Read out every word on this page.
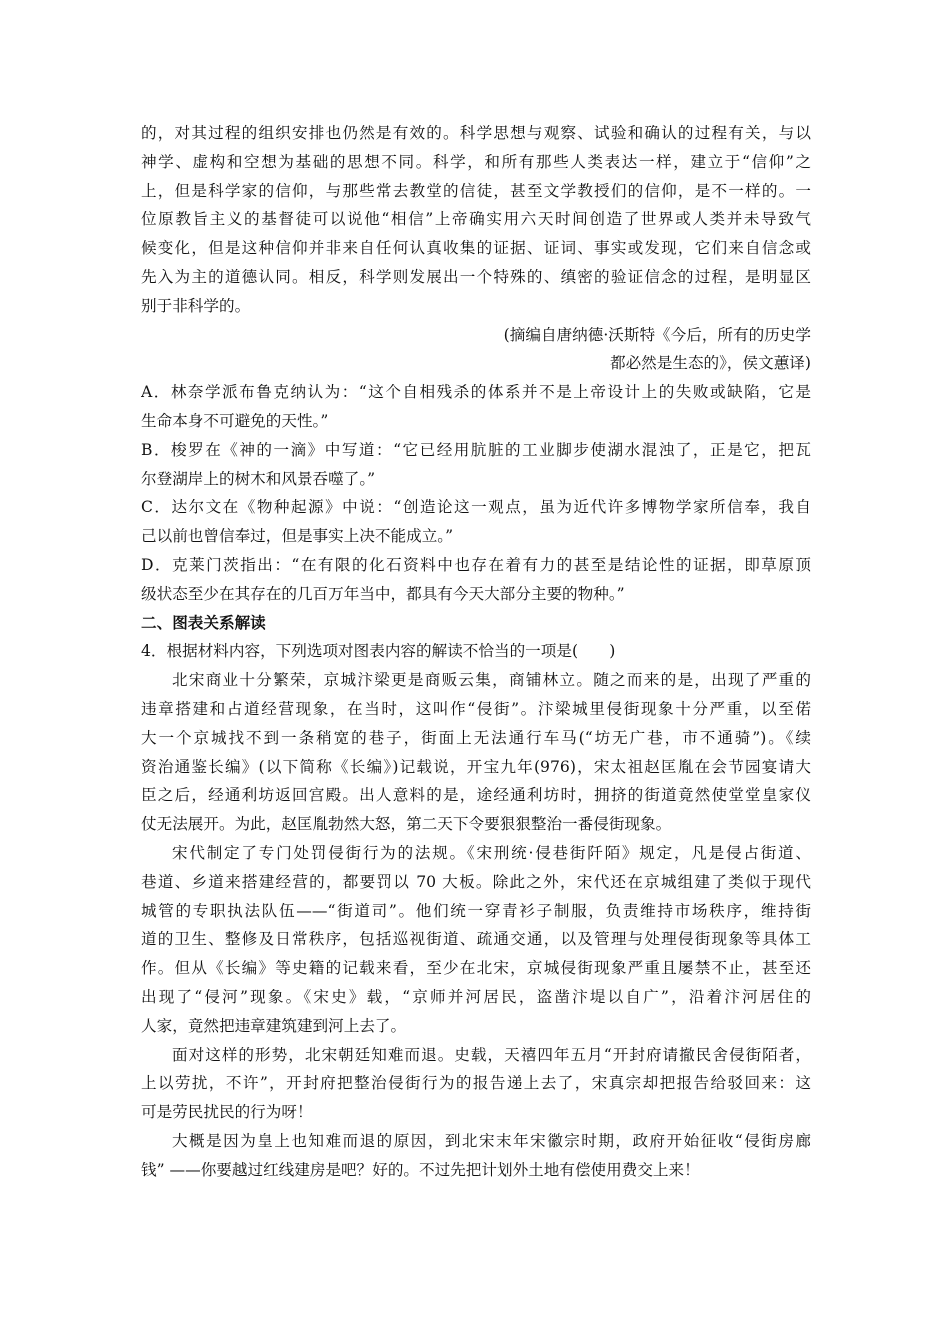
的，对其过程的组织安排也仍然是有效的。科学思想与观察、试验和确认的过程有关，与以
神学、虚构和空想为基础的思想不同。科学，和所有那些人类表达一样，建立于“信仰”之
上，但是科学家的信仰，与那些常去教堂的信徒，甚至文学教授们的信仰，是不一样的。一
位原教旨主义的基督徒可以说他“相信”上帝确实用六天时间创造了世界或人类并未导致气
候变化，但是这种信仰并非来自任何认真收集的证据、证词、事实或发现，它们来自信念或
先入为主的道德认同。相反，科学则发展出一个特殊的、缜密的验证信念的过程，是明显区
别于非科学的。
(摘编自唐纳德·沃斯特《今后，所有的历史学
都必然是生态的》，侯文蕙译)
A．林奈学派布鲁克纳认为：“这个自相残杀的体系并不是上帝设计上的失败或缺陷，它是
生命本身不可避免的天性。”
B．梭罗在《神的一滴》中写道：“它已经用肮脏的工业脚步使湖水混浊了，正是它，把瓦
尔登湖岸上的树木和风景吞噬了。”
C．达尔文在《物种起源》中说：“创造论这一观点，虽为近代许多博物学家所信奉，我自
己以前也曾信奉过，但是事实上决不能成立。”
D．克莱门茨指出：“在有限的化石资料中也存在着有力的甚至是结论性的证据，即草原顶
级状态至少在其存在的几百万年当中，都具有今天大部分主要的物种。”
二、图表关系解读
4．根据材料内容，下列选项对图表内容的解读不恰当的一项是(　　)
北宋商业十分繁荣，京城汴梁更是商贩云集，商铺林立。随之而来的是，出现了严重的
违章搭建和占道经营现象，在当时，这叫作“侵街”。汴梁城里侵街现象十分严重，以至偌
大一个京城找不到一条稍宽的巷子，街面上无法通行车马(“坊无广巷，市不通骑”)。《续
资治通鉴长编》(以下简称《长编》)记载说，开宝九年(976)，宋太祖赵匡胤在会节园宴请大
臣之后，经通利坊返回宫殿。出人意料的是，途经通利坊时，拥挤的街道竟然使堂堂皇家仪
仗无法展开。为此，赵匡胤勃然大怒，第二天下令要狠狠整治一番侵街现象。
宋代制定了专门处罚侵街行为的法规。《宋刑统·侵巷街阡陌》规定，凡是侵占街道、
巷道、乡道来搭建经营的，都要罚以 70 大板。除此之外，宋代还在京城组建了类似于现代
城管的专职执法队伍——“街道司”。他们统一穿青衫子制服，负责维持市场秩序，维持街
道的卫生、整修及日常秩序，包括巡视街道、疏通交通，以及管理与处理侵街现象等具体工
作。但从《长编》等史籍的记载来看，至少在北宋，京城侵街现象严重且屡禁不止，甚至还
出现了“侵河”现象。《宋史》载，“京师并河居民，盗凿汴堤以自广”，沿着汴河居住的
人家，竟然把违章建筑建到河上去了。
面对这样的形势，北宋朝廷知难而退。史载，天禧四年五月“开封府请撤民舍侵街陌者，
上以劳扰，不许”，开封府把整治侵街行为的报告递上去了，宋真宗却把报告给驳回来：这
可是劳民扰民的行为呀！
大概是因为皇上也知难而退的原因，到北宋末年宋徽宗时期，政府开始征收“侵街房廊
钱” ——你要越过红线建房是吧？好的。不过先把计划外土地有偿使用费交上来！
